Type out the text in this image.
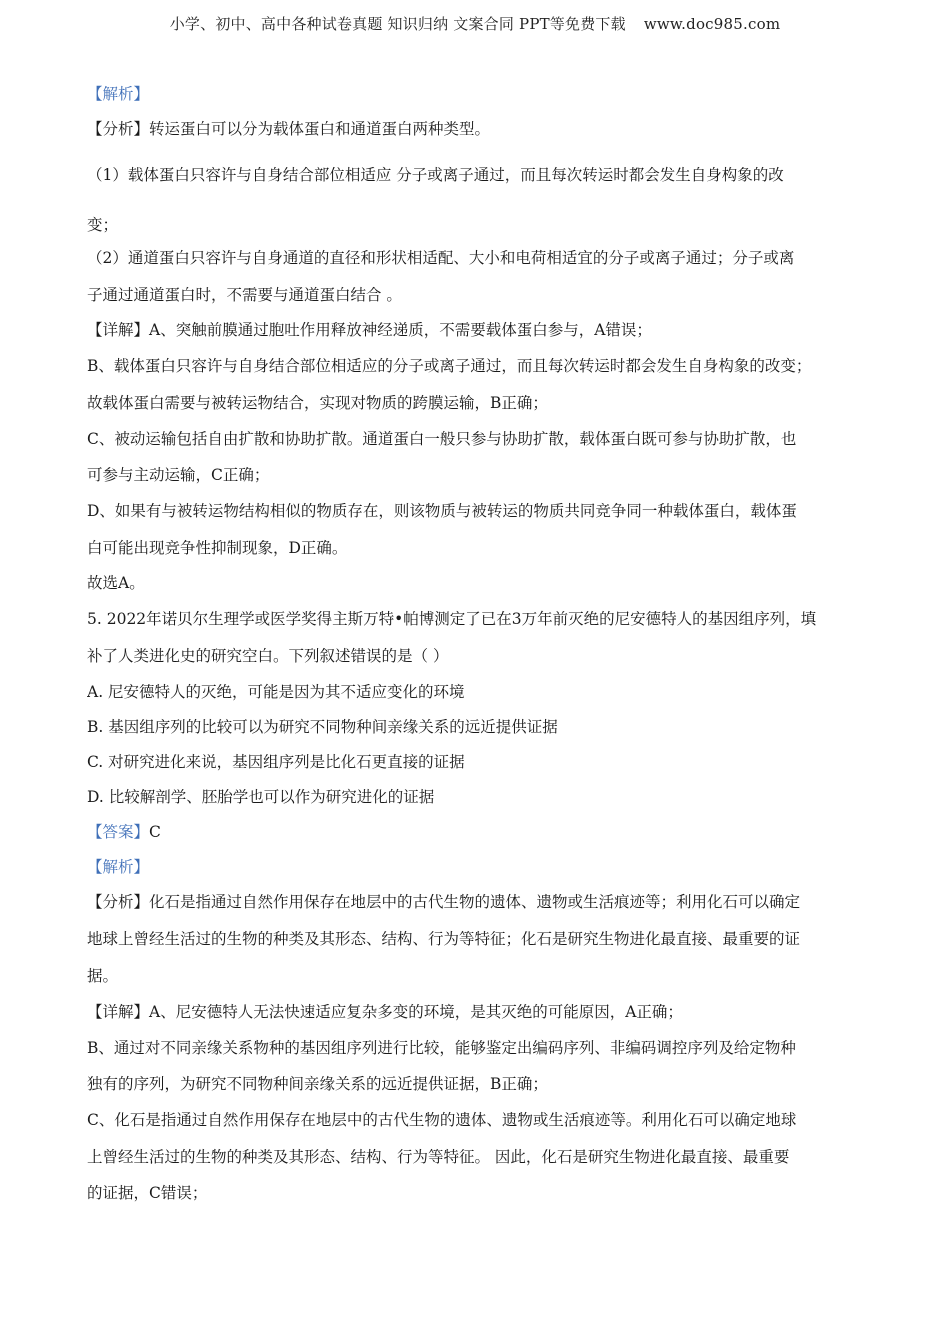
小学、初中、高中各种试卷真题 知识归纳 文案合同 PPT等免费下载 www.doc985.com
【解析】
【分析】转运蛋白可以分为载体蛋白和通道蛋白两种类型。
（1）载体蛋白只容许与自身结合部位相适应 分子或离子通过，而且每次转运时都会发生自身构象的改
变；
（2）通道蛋白只容许与自身通道的直径和形状相适配、大小和电荷相适宜的分子或离子通过；分子或离
子通过通道蛋白时，不需要与通道蛋白结合 。
【详解】A、突触前膜通过胞吐作用释放神经递质，不需要载体蛋白参与，A错误；
B、载体蛋白只容许与自身结合部位相适应的分子或离子通过，而且每次转运时都会发生自身构象的改变；
故载体蛋白需要与被转运物结合，实现对物质的跨膜运输，B正确；
C、被动运输包括自由扩散和协助扩散。通道蛋白一般只参与协助扩散，载体蛋白既可参与协助扩散，也
可参与主动运输，C正确；
D、如果有与被转运物结构相似的物质存在，则该物质与被转运的物质共同竞争同一种载体蛋白，载体蛋
白可能出现竞争性抑制现象，D正确。
故选A。
5. 2022年诺贝尔生理学或医学奖得主斯万特•帕博测定了已在3万年前灭绝的尼安德特人的基因组序列，填
补了人类进化史的研究空白。下列叙述错误的是（ ）
A. 尼安德特人的灭绝，可能是因为其不适应变化的环境
B. 基因组序列的比较可以为研究不同物种间亲缘关系的远近提供证据
C. 对研究进化来说，基因组序列是比化石更直接的证据
D. 比较解剖学、胚胎学也可以作为研究进化的证据
【答案】C
【解析】
【分析】化石是指通过自然作用保存在地层中的古代生物的遗体、遗物或生活痕迹等；利用化石可以确定
地球上曾经生活过的生物的种类及其形态、结构、行为等特征；化石是研究生物进化最直接、最重要的证
据。
【详解】A、尼安德特人无法快速适应复杂多变的环境，是其灭绝的可能原因，A正确；
B、通过对不同亲缘关系物种的基因组序列进行比较，能够鉴定出编码序列、非编码调控序列及给定物种
独有的序列，为研究不同物种间亲缘关系的远近提供证据，B正确；
C、化石是指通过自然作用保存在地层中的古代生物的遗体、遗物或生活痕迹等。利用化石可以确定地球
上曾经生活过的生物的种类及其形态、结构、行为等特征。 因此，化石是研究生物进化最直接、最重要
的证据，C错误；
